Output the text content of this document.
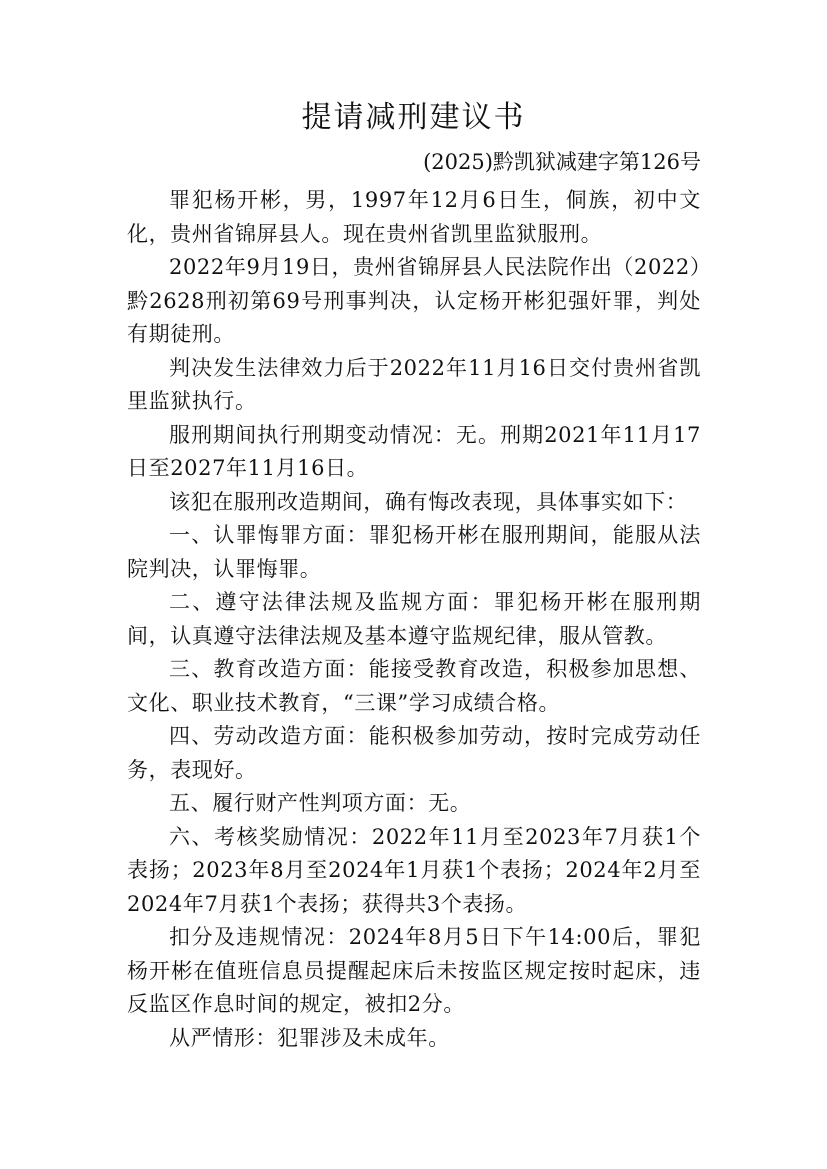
提请减刑建议书
(2025)黔凯狱减建字第126号

罪犯杨开彬，男，1997年12月6日生，侗族，初中文化，贵州省锦屏县人。现在贵州省凯里监狱服刑。

2022年9月19日，贵州省锦屏县人民法院作出（2022）黔2628刑初第69号刑事判决，认定杨开彬犯强奸罪，判处有期徒刑。

判决发生法律效力后于2022年11月16日交付贵州省凯里监狱执行。

服刑期间执行刑期变动情况：无。刑期2021年11月17日至2027年11月16日。

该犯在服刑改造期间，确有悔改表现，具体事实如下：

一、认罪悔罪方面：罪犯杨开彬在服刑期间，能服从法院判决，认罪悔罪。

二、遵守法律法规及监规方面：罪犯杨开彬在服刑期间，认真遵守法律法规及基本遵守监规纪律，服从管教。

三、教育改造方面：能接受教育改造，积极参加思想、文化、职业技术教育，“三课”学习成绩合格。

四、劳动改造方面：能积极参加劳动，按时完成劳动任务，表现好。

五、履行财产性判项方面：无。

六、考核奖励情况：2022年11月至2023年7月获1个表扬；2023年8月至2024年1月获1个表扬；2024年2月至2024年7月获1个表扬；获得共3个表扬。

扣分及违规情况：2024年8月5日下午14:00后，罪犯杨开彬在值班信息员提醒起床后未按监区规定按时起床，违反监区作息时间的规定，被扣2分。

从严情形：犯罪涉及未成年。
